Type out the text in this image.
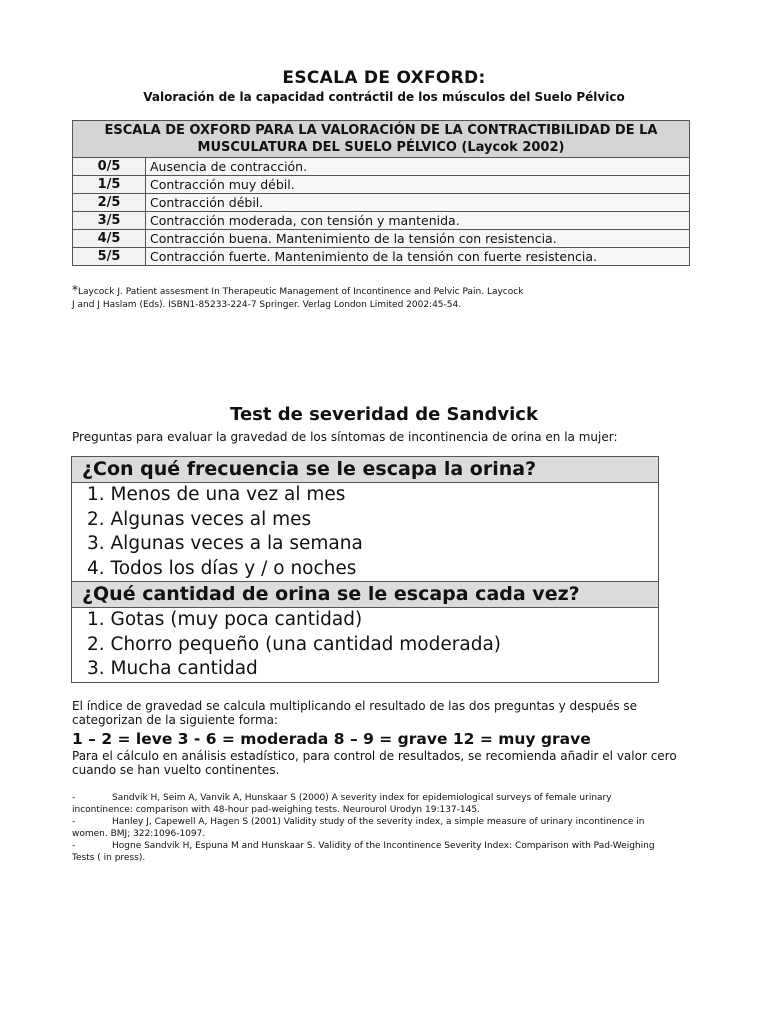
ESCALA DE OXFORD:
Valoración de la capacidad contráctil de los músculos del Suelo Pélvico
ESCALA DE OXFORD PARA LA VALORACIÓN DE LA CONTRACTIBILIDAD DE LA MUSCULATURA DEL SUELO PÉLVICO (Laycok 2002)	
0/5	Ausencia de contracción.
1/5	Contracción muy débil.
2/5	Contracción débil.
3/5	Contracción moderada, con tensión y mantenida.
4/5	Contracción buena. Mantenimiento de la tensión con resistencia.
5/5	Contracción fuerte. Mantenimiento de la tensión con fuerte resistencia.
*Laycock J. Patient assesment In Therapeutic Management of Incontinence and Pelvic Pain. Laycock
J and J Haslam (Eds). ISBN1-85233-224-7 Springer. Verlag London Limited 2002:45-54.
Test de severidad de Sandvick
Preguntas para evaluar la gravedad de los síntomas de incontinencia de orina en la mujer:
¿Con qué frecuencia se le escapa la orina?
1. Menos de una vez al mes
2. Algunas veces al mes
3. Algunas veces a la semana
4. Todos los días y / o noches
¿Qué cantidad de orina se le escapa cada vez?
1. Gotas (muy poca cantidad)
2. Chorro pequeño (una cantidad moderada)
3. Mucha cantidad
El índice de gravedad se calcula multiplicando el resultado de las dos preguntas y después se categorizan de la siguiente forma:
1 – 2 = leve 3 - 6 = moderada 8 – 9 = grave 12 = muy grave
Para el cálculo en análisis estadístico, para control de resultados, se recomienda añadir el valor cero cuando se han vuelto continentes.
-	Sandvik H, Seim A, Vanvik A, Hunskaar S (2000) A severity index for epidemiological surveys of female urinary incontinence: comparison with 48-hour pad-weighing tests. Neurourol Urodyn 19:137-145.
-	Hanley J, Capewell A, Hagen S (2001) Validity study of the severity index, a simple measure of urinary incontinence in women. BMJ; 322:1096-1097.
-	Hogne Sandvik H, Espuna M and Hunskaar S. Validity of the Incontinence Severity Index: Comparison with Pad-Weighing Tests ( in press).
